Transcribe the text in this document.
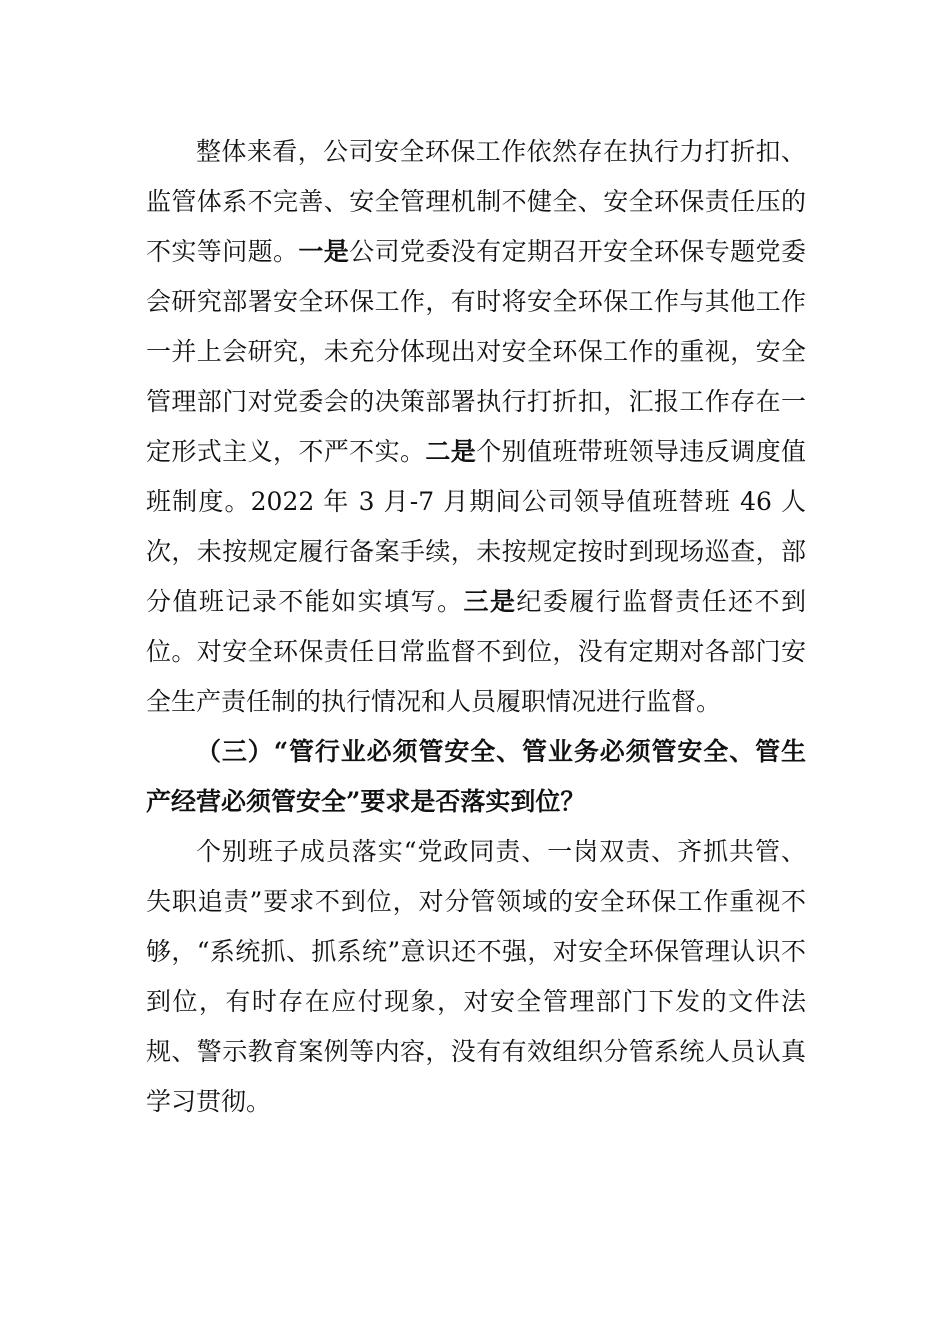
整体来看，公司安全环保工作依然存在执行力打折扣、监管体系不完善、安全管理机制不健全、安全环保责任压的不实等问题。一是公司党委没有定期召开安全环保专题党委会研究部署安全环保工作，有时将安全环保工作与其他工作一并上会研究，未充分体现出对安全环保工作的重视，安全管理部门对党委会的决策部署执行打折扣，汇报工作存在一定形式主义，不严不实。二是个别值班带班领导违反调度值班制度。2022 年 3 月-7 月期间公司领导值班替班 46 人次，未按规定履行备案手续，未按规定按时到现场巡查，部分值班记录不能如实填写。三是纪委履行监督责任还不到位。对安全环保责任日常监督不到位，没有定期对各部门安全生产责任制的执行情况和人员履职情况进行监督。

（三）“管行业必须管安全、管业务必须管安全、管生产经营必须管安全”要求是否落实到位？

个别班子成员落实“党政同责、一岗双责、齐抓共管、失职追责”要求不到位，对分管领域的安全环保工作重视不够，“系统抓、抓系统”意识还不强，对安全环保管理认识不到位，有时存在应付现象，对安全管理部门下发的文件法规、警示教育案例等内容，没有有效组织分管系统人员认真学习贯彻。
